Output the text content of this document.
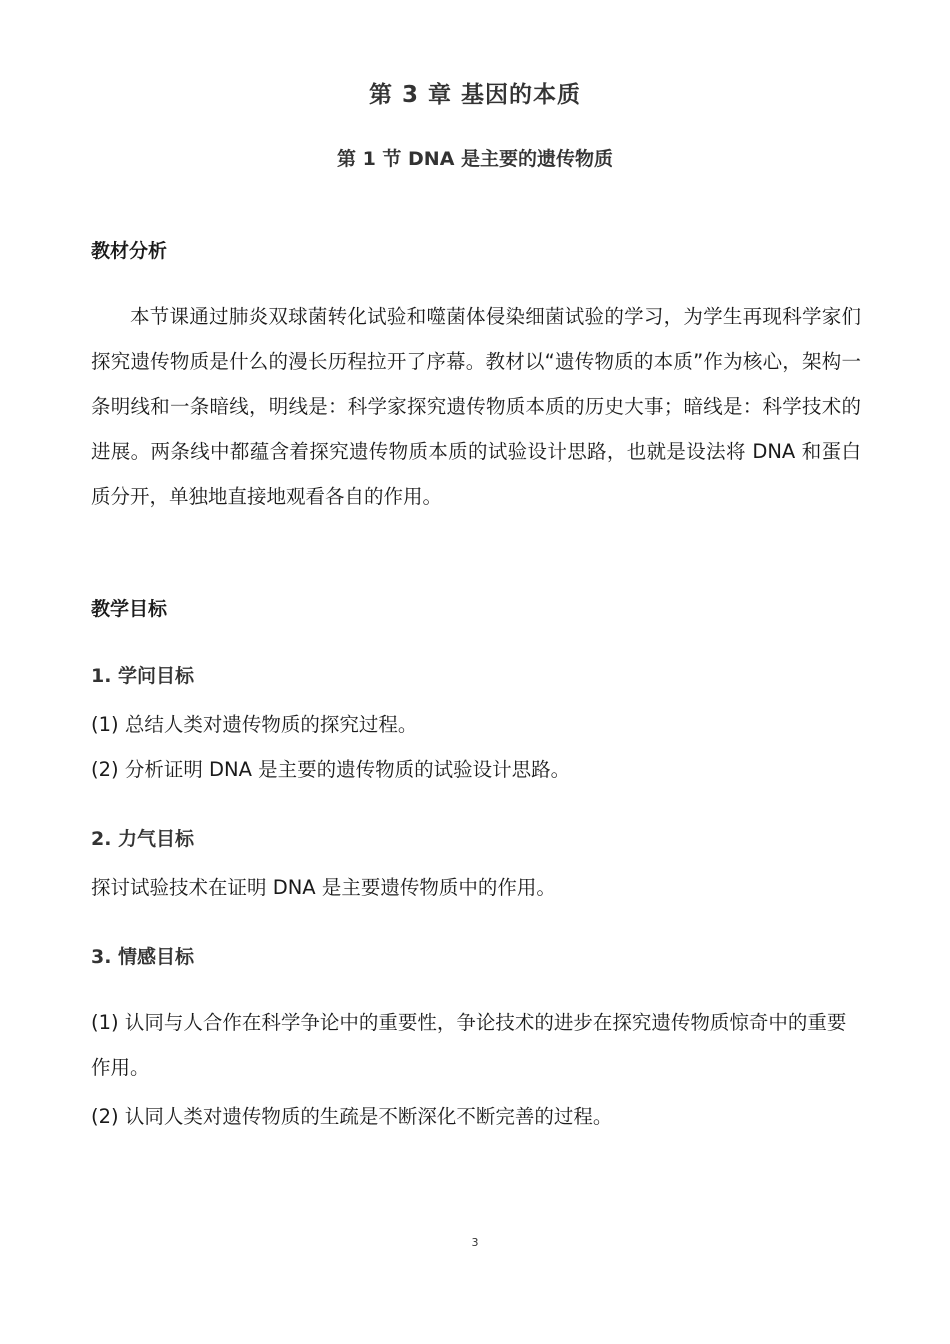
第 3 章 基因的本质
第 1 节 DNA 是主要的遗传物质
教材分析
本节课通过肺炎双球菌转化试验和噬菌体侵染细菌试验的学习，为学生再现科学家们探究遗传物质是什么的漫长历程拉开了序幕。教材以“遗传物质的本质”作为核心，架构一条明线和一条暗线，明线是：科学家探究遗传物质本质的历史大事；暗线是：科学技术的进展。两条线中都蕴含着探究遗传物质本质的试验设计思路，也就是设法将 DNA 和蛋白质分开，单独地直接地观看各自的作用。
教学目标
1. 学问目标
(1) 总结人类对遗传物质的探究过程。
(2) 分析证明 DNA 是主要的遗传物质的试验设计思路。
2. 力气目标
探讨试验技术在证明 DNA 是主要遗传物质中的作用。
3. 情感目标
(1) 认同与人合作在科学争论中的重要性，争论技术的进步在探究遗传物质惊奇中的重要作用。
(2) 认同人类对遗传物质的生疏是不断深化不断完善的过程。
3
